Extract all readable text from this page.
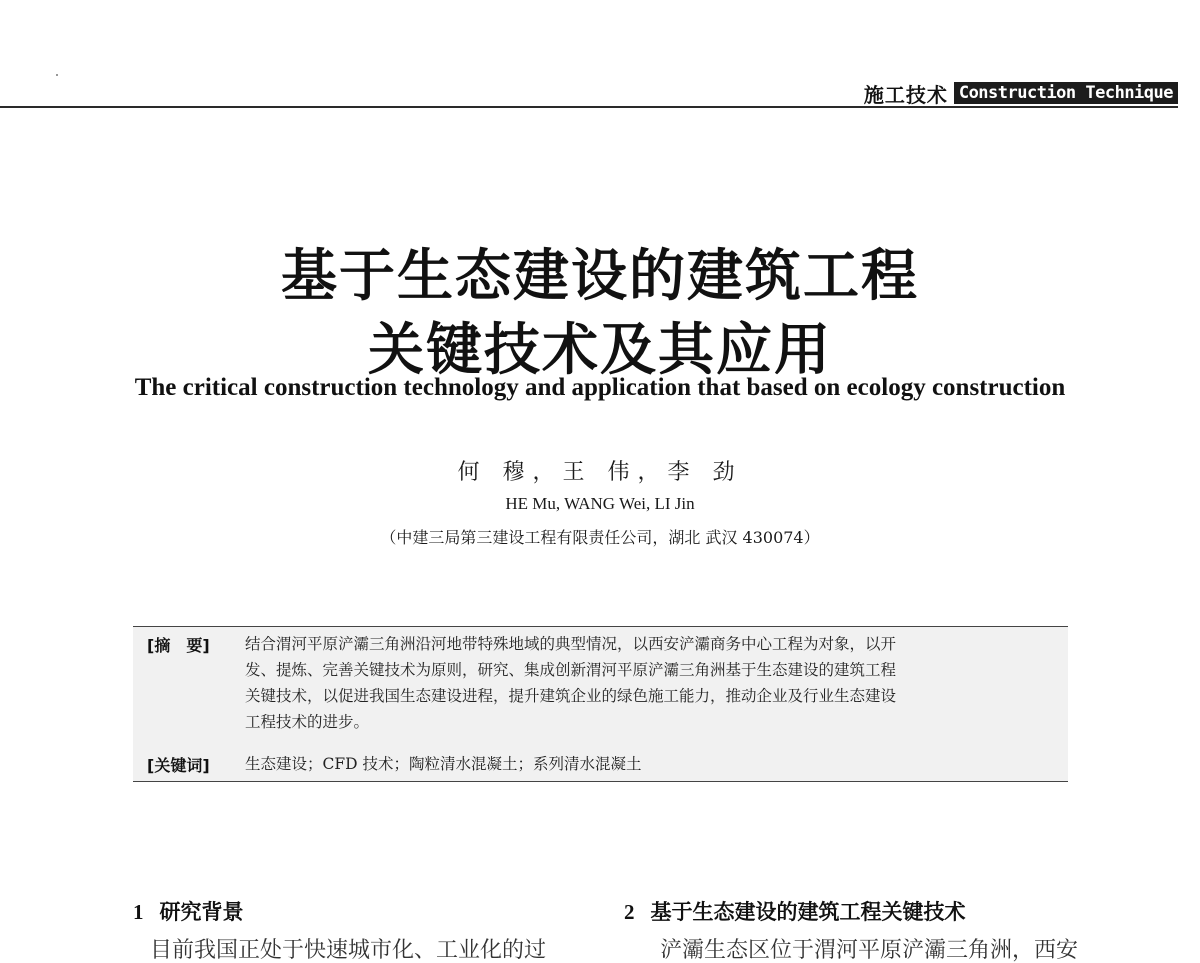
施工技术 Construction Technique
基于生态建设的建筑工程
关键技术及其应用
The critical construction technology and application that based on ecology construction
何 穆，王 伟，李 劲
HE Mu, WANG Wei, LI Jin
（中建三局第三建设工程有限责任公司，湖北 武汉 430074）
[摘　要] 结合渭河平原浐灞三角洲沿河地带特殊地域的典型情况，以西安浐灞商务中心工程为对象，以开
发、提炼、完善关键技术为原则，研究、集成创新渭河平原浐灞三角洲基于生态建设的建筑工程
关键技术，以促进我国生态建设进程，提升建筑企业的绿色施工能力，推动企业及行业生态建设
工程技术的进步。
[关键词] 生态建设；CFD 技术；陶粒清水混凝土；系列清水混凝土
1 研究背景	2 基于生态建设的建筑工程关键技术
目前我国正处于快速城市化、工业化的过	浐灞生态区位于渭河平原浐灞三角洲，西安
